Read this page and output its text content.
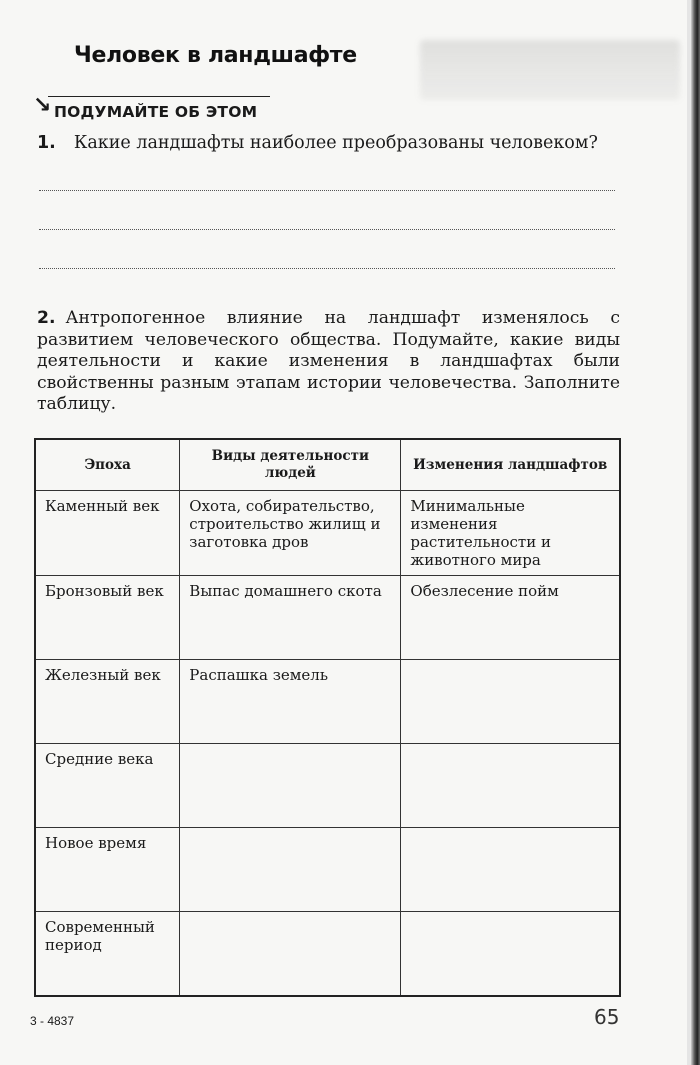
Человек в ландшафте
↘ ПОДУМАЙТЕ ОБ ЭТОМ
1. Какие ландшафты наиболее преобразованы человеком?
2. Антропогенное влияние на ландшафт изменялось с развитием человеческого общества. Подумайте, какие виды деятельности и какие изменения в ландшафтах были свойственны разным этапам истории человечества. Заполните таблицу.
Эпоха	Виды деятельности людей	Изменения ландшафтов
Каменный век	Охота, собирательство, строительство жилищ и заготовка дров	Минимальные изменения растительности и животного мира
Бронзовый век	Выпас домашнего скота	Обезлесение пойм
Железный век	Распашка земель	
Средние века		
Новое время		
Современный период		
3 - 4837	65
